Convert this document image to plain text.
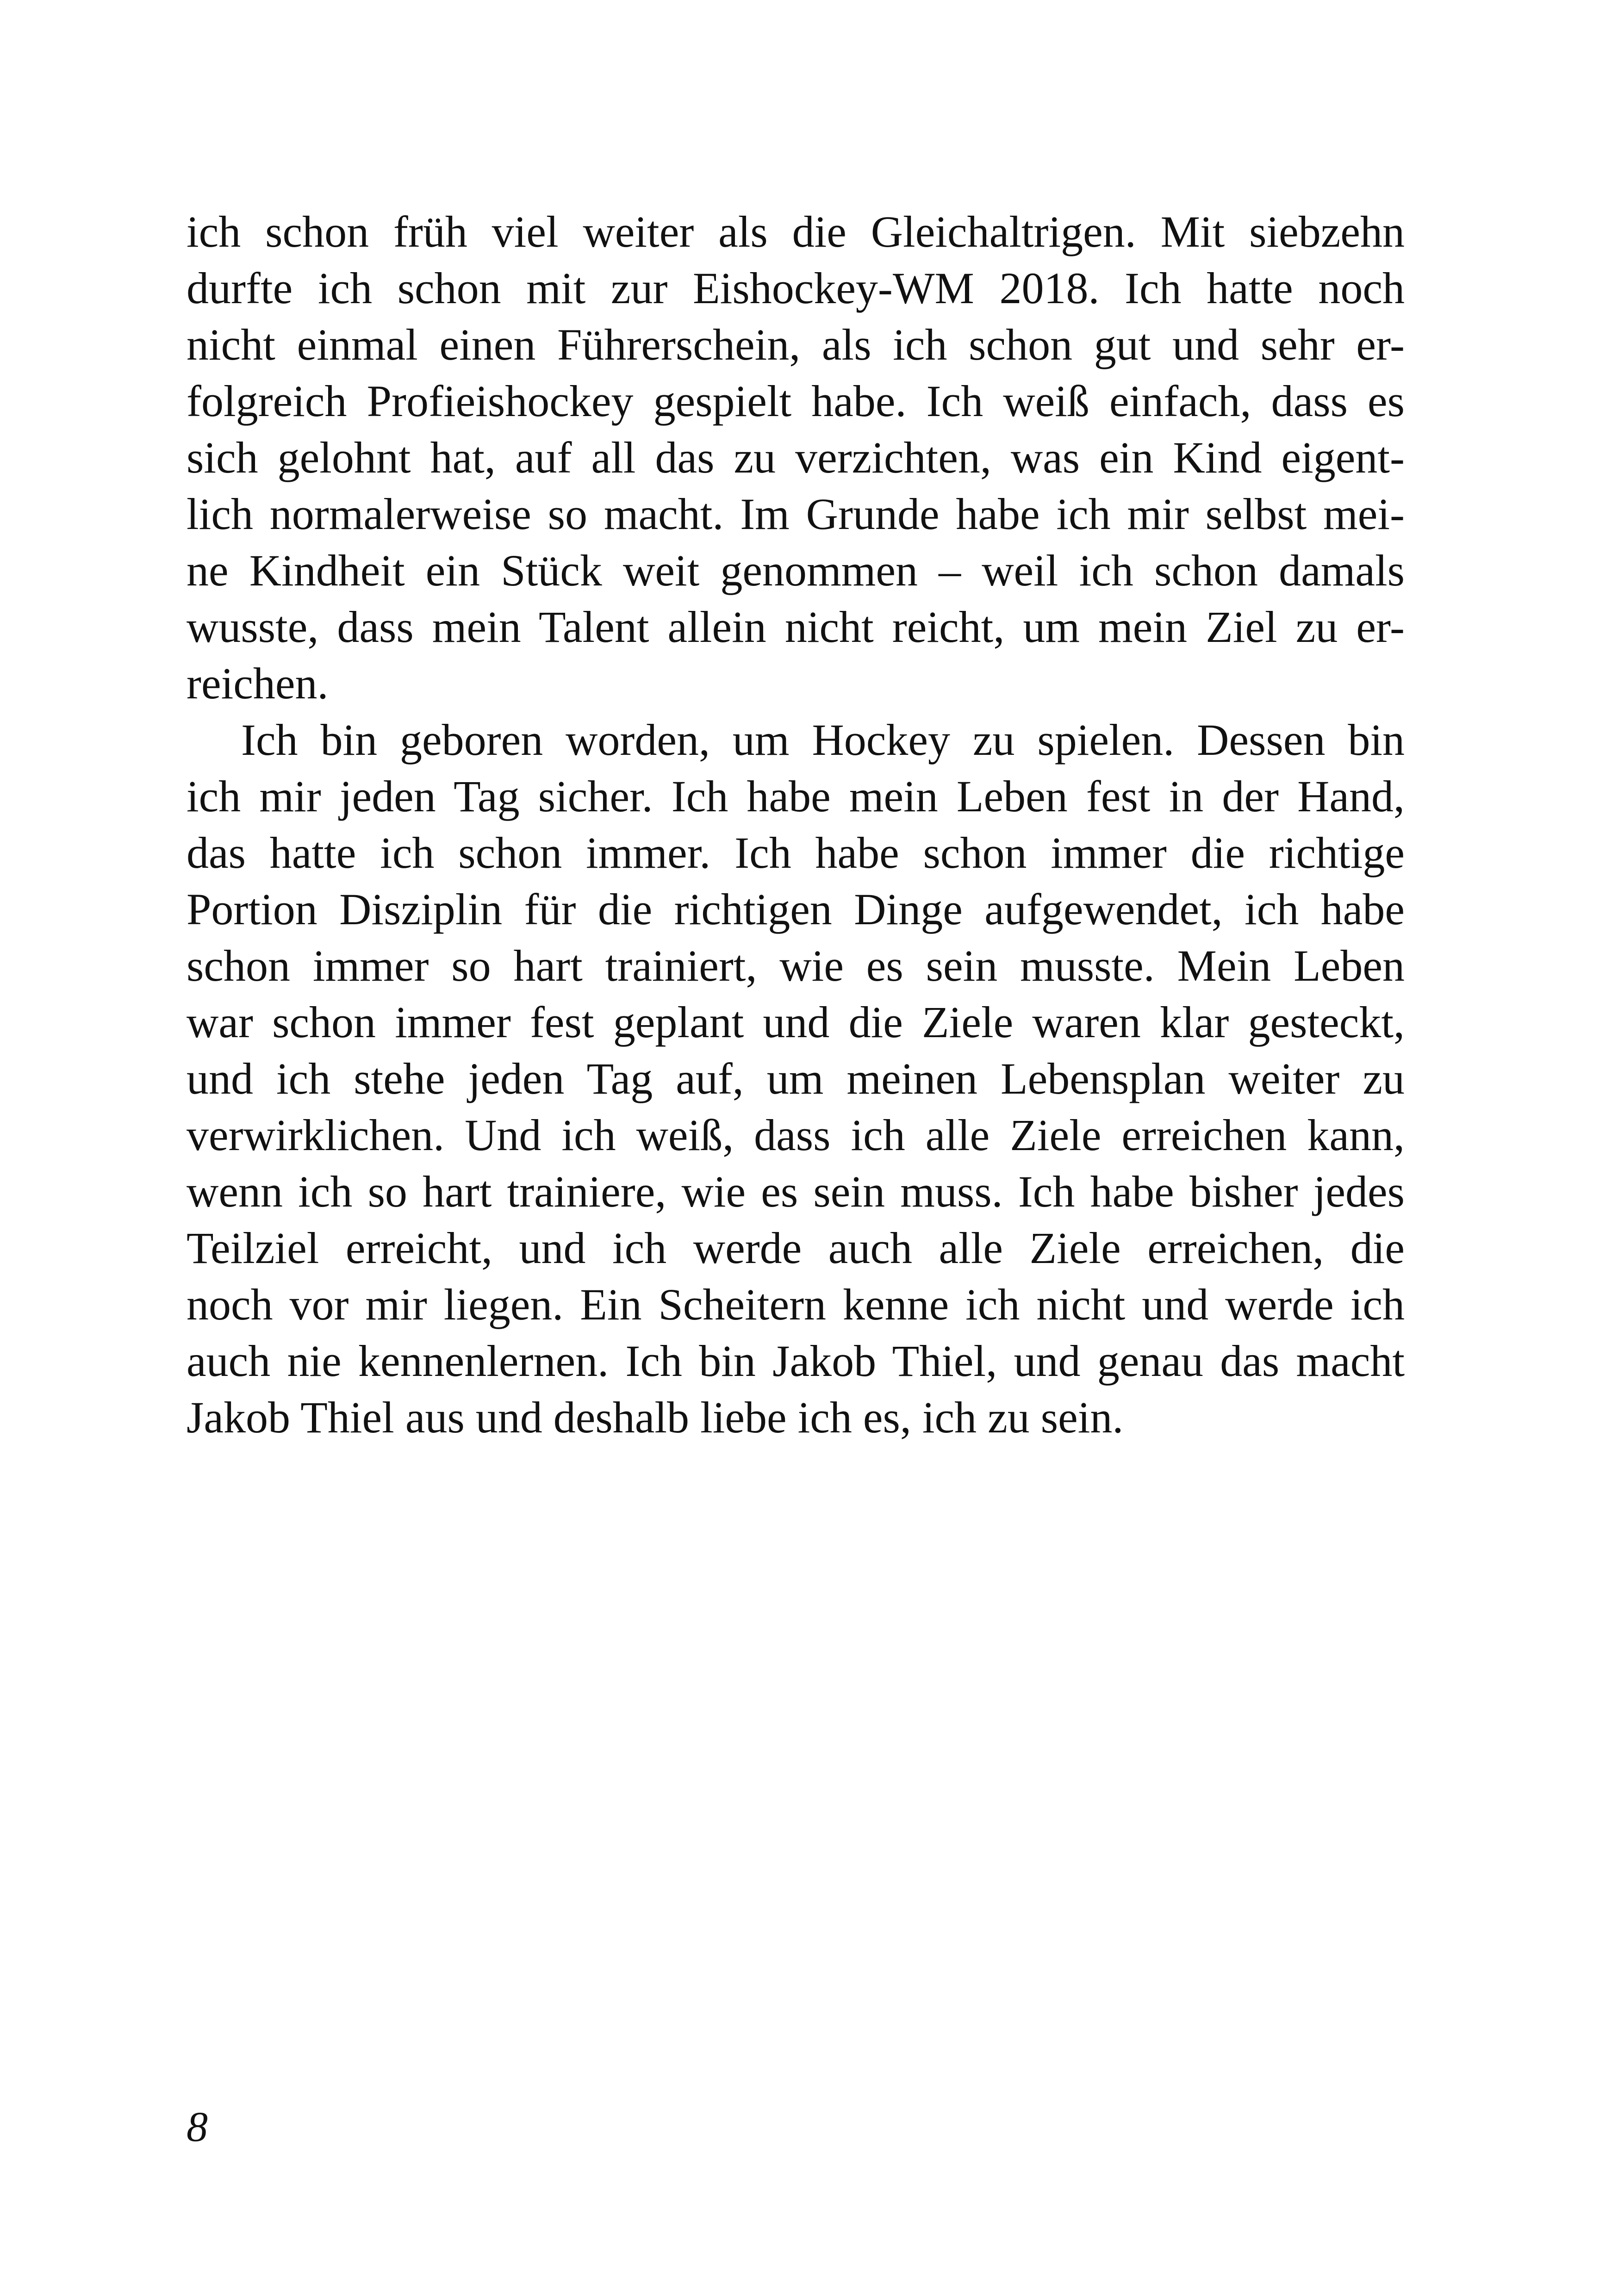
ich schon früh viel weiter als die Gleichaltrigen. Mit siebzehn
durfte ich schon mit zur Eishockey-WM 2018. Ich hatte noch
nicht einmal einen Führerschein, als ich schon gut und sehr er-
folgreich Profieishockey gespielt habe. Ich weiß einfach, dass es
sich gelohnt hat, auf all das zu verzichten, was ein Kind eigent-
lich normalerweise so macht. Im Grunde habe ich mir selbst mei-
ne Kindheit ein Stück weit genommen – weil ich schon damals
wusste, dass mein Talent allein nicht reicht, um mein Ziel zu er-
reichen.
Ich bin geboren worden, um Hockey zu spielen. Dessen bin
ich mir jeden Tag sicher. Ich habe mein Leben fest in der Hand,
das hatte ich schon immer. Ich habe schon immer die richtige
Portion Disziplin für die richtigen Dinge aufgewendet, ich habe
schon immer so hart trainiert, wie es sein musste. Mein Leben
war schon immer fest geplant und die Ziele waren klar gesteckt,
und ich stehe jeden Tag auf, um meinen Lebensplan weiter zu
verwirklichen. Und ich weiß, dass ich alle Ziele erreichen kann,
wenn ich so hart trainiere, wie es sein muss. Ich habe bisher jedes
Teilziel erreicht, und ich werde auch alle Ziele erreichen, die
noch vor mir liegen. Ein Scheitern kenne ich nicht und werde ich
auch nie kennenlernen. Ich bin Jakob Thiel, und genau das macht
Jakob Thiel aus und deshalb liebe ich es, ich zu sein.
8
